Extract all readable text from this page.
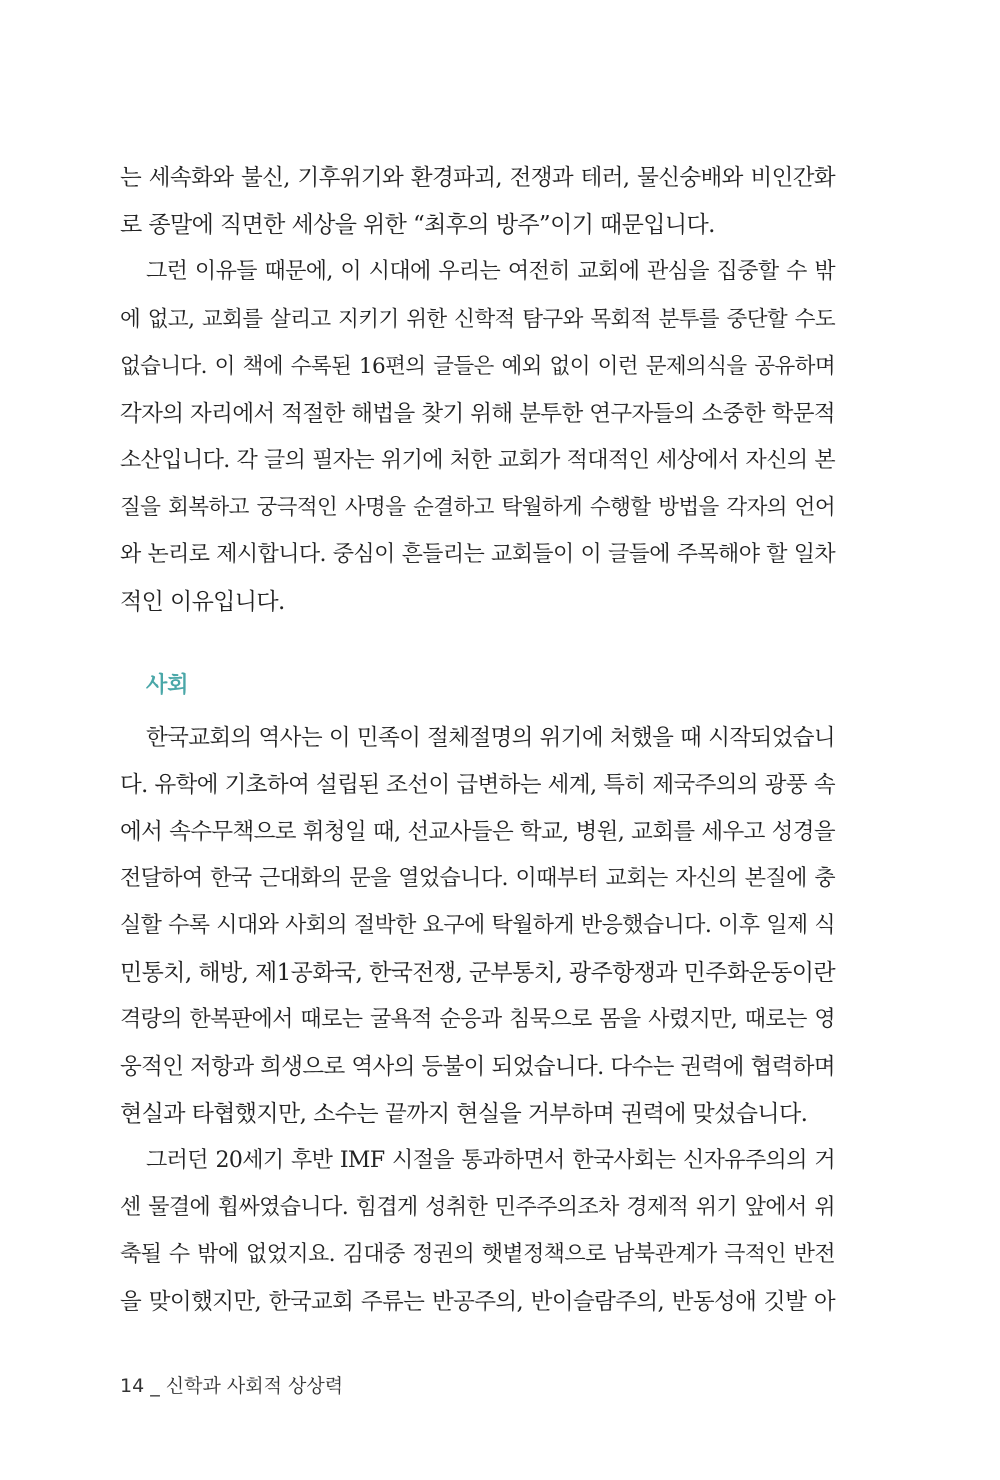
는 세속화와 불신, 기후위기와 환경파괴, 전쟁과 테러, 물신숭배와 비인간화
로 종말에 직면한 세상을 위한 “최후의 방주”이기 때문입니다.
그런 이유들 때문에, 이 시대에 우리는 여전히 교회에 관심을 집중할 수 밖
에 없고, 교회를 살리고 지키기 위한 신학적 탐구와 목회적 분투를 중단할 수도
없습니다. 이 책에 수록된 16편의 글들은 예외 없이 이런 문제의식을 공유하며
각자의 자리에서 적절한 해법을 찾기 위해 분투한 연구자들의 소중한 학문적
소산입니다. 각 글의 필자는 위기에 처한 교회가 적대적인 세상에서 자신의 본
질을 회복하고 궁극적인 사명을 순결하고 탁월하게 수행할 방법을 각자의 언어
와 논리로 제시합니다. 중심이 흔들리는 교회들이 이 글들에 주목해야 할 일차
적인 이유입니다.
사회
한국교회의 역사는 이 민족이 절체절명의 위기에 처했을 때 시작되었습니
다. 유학에 기초하여 설립된 조선이 급변하는 세계, 특히 제국주의의 광풍 속
에서 속수무책으로 휘청일 때, 선교사들은 학교, 병원, 교회를 세우고 성경을
전달하여 한국 근대화의 문을 열었습니다. 이때부터 교회는 자신의 본질에 충
실할 수록 시대와 사회의 절박한 요구에 탁월하게 반응했습니다. 이후 일제 식
민통치, 해방, 제1공화국, 한국전쟁, 군부통치, 광주항쟁과 민주화운동이란
격랑의 한복판에서 때로는 굴욕적 순응과 침묵으로 몸을 사렸지만, 때로는 영
웅적인 저항과 희생으로 역사의 등불이 되었습니다. 다수는 권력에 협력하며
현실과 타협했지만, 소수는 끝까지 현실을 거부하며 권력에 맞섰습니다.
그러던 20세기 후반 IMF 시절을 통과하면서 한국사회는 신자유주의의 거
센 물결에 휩싸였습니다. 힘겹게 성취한 민주주의조차 경제적 위기 앞에서 위
축될 수 밖에 없었지요. 김대중 정권의 햇볕정책으로 남북관계가 극적인 반전
을 맞이했지만, 한국교회 주류는 반공주의, 반이슬람주의, 반동성애 깃발 아
14 _ 신학과 사회적 상상력
